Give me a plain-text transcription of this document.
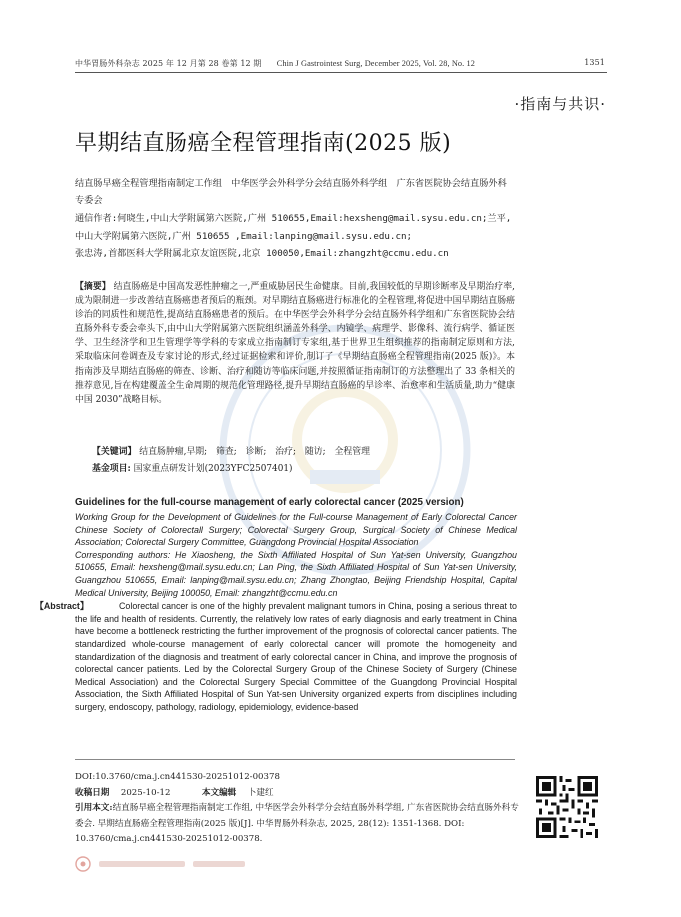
中华胃肠外科杂志 2025 年 12 月第 28 卷第 12 期 Chin J Gastrointest Surg, December 2025, Vol. 28, No. 12	1351
·指南与共识·
早期结直肠癌全程管理指南(2025 版)
结直肠早癌全程管理指南制定工作组　中华医学会外科学分会结直肠外科学组　广东省医院协会结直肠外科专委会
通信作者:何晓生,中山大学附属第六医院,广州 510655,Email:hexsheng@mail.sysu.edu.cn;兰平,中山大学附属第六医院,广州 510655 ,Email:lanping@mail.sysu.edu.cn;
张忠涛,首都医科大学附属北京友谊医院,北京 100050,Email:zhangzht@ccmu.edu.cn
【摘要】 结直肠癌是中国高发恶性肿瘤之一,严重威胁居民生命健康。目前,我国较低的早期诊断率及早期治疗率,成为限制进一步改善结直肠癌患者预后的瓶颈。对早期结直肠癌进行标准化的全程管理,将促进中国早期结直肠癌诊治的同质性和规范性,提高结直肠癌患者的预后。在中华医学会外科学分会结直肠外科学组和广东省医院协会结直肠外科专委会牵头下,由中山大学附属第六医院组织涵盖外科学、内镜学、病理学、影像科、流行病学、循证医学、卫生经济学和卫生管理学等学科的专家成立指南制订专家组,基于世界卫生组织推荐的指南制定原则和方法,采取临床问卷调查及专家讨论的形式,经过证据检索和评价,制订了《早期结直肠癌全程管理指南(2025 版)》。本指南涉及早期结直肠癌的筛查、诊断、治疗和随访等临床问题,并按照循证指南制订的方法整理出了 33 条相关的推荐意见,旨在构建覆盖全生命周期的规范化管理路径,提升早期结直肠癌的早诊率、治愈率和生活质量,助力“健康中国 2030”战略目标。
【关键词】 结直肠肿瘤,早期;　筛查;　诊断;　治疗;　随访;　全程管理
基金项目: 国家重点研发计划(2023YFC2507401)
Guidelines for the full-course management of early colorectal cancer (2025 version)
Working Group for the Development of Guidelines for the Full-course Management of Early Colorectal Cancer Chinese Society of Colorectall Surgery; Colorectal Surgery Group, Surgical Society of Chinese Medical Association; Colorectal Surgery Committee, Guangdong Provincial Hospital Association
Corresponding authors: He Xiaosheng, the Sixth Affiliated Hospital of Sun Yat-sen University, Guangzhou 510655, Email: hexsheng@mail.sysu.edu.cn; Lan Ping, the Sixth Affiliated Hospital of Sun Yat-sen University, Guangzhou 510655, Email: lanping@mail.sysu.edu.cn; Zhang Zhongtao, Beijing Friendship Hospital, Capital Medical University, Beijing 100050, Email: zhangzht@ccmu.edu.cn
【Abstract】	Colorectal cancer is one of the highly prevalent malignant tumors in China, posing a serious threat to the life and health of residents. Currently, the relatively low rates of early diagnosis and early treatment in China have become a bottleneck restricting the further improvement of the prognosis of colorectal cancer patients. The standardized whole-course management of early colorectal cancer will promote the homogeneity and standardization of the diagnosis and treatment of early colorectal cancer in China, and improve the prognosis of colorectal cancer patients. Led by the Colorectal Surgery Group of the Chinese Society of Surgery (Chinese Medical Association) and the Colorectal Surgery Special Committee of the Guangdong Provincial Hospital Association, the Sixth Affiliated Hospital of Sun Yat-sen University organized experts from disciplines including surgery, endoscopy, pathology, radiology, epidemiology, evidence-based
DOI:10.3760/cma.j.cn441530-20251012-00378
收稿日期 2025-10-12	本文编辑 卜建红
引用本文:结直肠早癌全程管理指南制定工作组, 中华医学会外科学分会结直肠外科学组, 广东省医院协会结直肠外科专委会. 早期结直肠癌全程管理指南(2025 版)[J]. 中华胃肠外科杂志, 2025, 28(12): 1351-1368. DOI: 10.3760/cma.j.cn441530-20251012-00378.
